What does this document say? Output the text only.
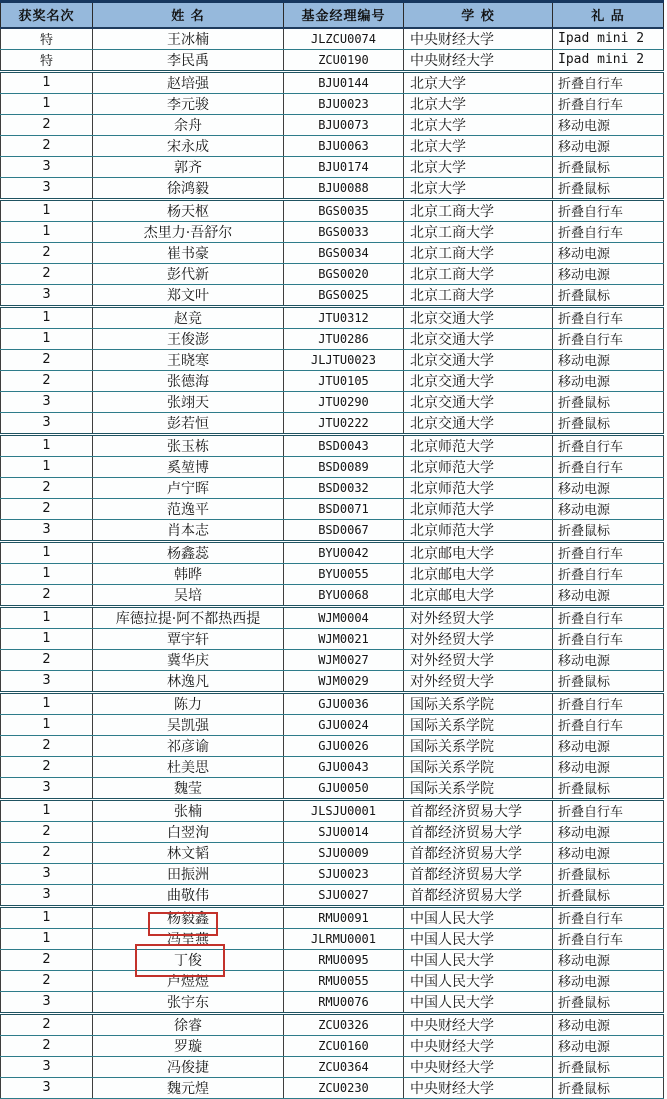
获奖名次	姓 名	基金经理编号	学 校	礼 品
特	王冰楠	JLZCU0074	中央财经大学	Ipad mini 2
特	李民禹	ZCU0190	中央财经大学	Ipad mini 2
1	赵培强	BJU0144	北京大学	折叠自行车
1	李元骏	BJU0023	北京大学	折叠自行车
2	余舟	BJU0073	北京大学	移动电源
2	宋永成	BJU0063	北京大学	移动电源
3	郭齐	BJU0174	北京大学	折叠鼠标
3	徐鸿毅	BJU0088	北京大学	折叠鼠标
1	杨天枢	BGS0035	北京工商大学	折叠自行车
1	杰里力·吾舒尔	BGS0033	北京工商大学	折叠自行车
2	崔书豪	BGS0034	北京工商大学	移动电源
2	彭代新	BGS0020	北京工商大学	移动电源
3	郑文叶	BGS0025	北京工商大学	折叠鼠标
1	赵竞	JTU0312	北京交通大学	折叠自行车
1	王俊澎	JTU0286	北京交通大学	折叠自行车
2	王晓寒	JLJTU0023	北京交通大学	移动电源
2	张德海	JTU0105	北京交通大学	移动电源
3	张翊天	JTU0290	北京交通大学	折叠鼠标
3	彭若恒	JTU0222	北京交通大学	折叠鼠标
1	张玉栋	BSD0043	北京师范大学	折叠自行车
1	奚堃博	BSD0089	北京师范大学	折叠自行车
2	卢宁晖	BSD0032	北京师范大学	移动电源
2	范逸平	BSD0071	北京师范大学	移动电源
3	肖本志	BSD0067	北京师范大学	折叠鼠标
1	杨鑫蕊	BYU0042	北京邮电大学	折叠自行车
1	韩晔	BYU0055	北京邮电大学	折叠自行车
2	吴培	BYU0068	北京邮电大学	移动电源
1	库德拉提·阿不都热西提	WJM0004	对外经贸大学	折叠自行车
1	覃宇轩	WJM0021	对外经贸大学	折叠自行车
2	冀华庆	WJM0027	对外经贸大学	移动电源
3	林逸凡	WJM0029	对外经贸大学	折叠鼠标
1	陈力	GJU0036	国际关系学院	折叠自行车
1	吴凯强	GJU0024	国际关系学院	折叠自行车
2	祁彦谕	GJU0026	国际关系学院	移动电源
2	杜美思	GJU0043	国际关系学院	移动电源
3	魏莹	GJU0050	国际关系学院	折叠鼠标
1	张楠	JLSJU0001	首都经济贸易大学	折叠自行车
2	白翌洵	SJU0014	首都经济贸易大学	移动电源
2	林文韬	SJU0009	首都经济贸易大学	移动电源
3	田振洲	SJU0023	首都经济贸易大学	折叠鼠标
3	曲敬伟	SJU0027	首都经济贸易大学	折叠鼠标
1	杨毅鑫	RMU0091	中国人民大学	折叠自行车
1	冯呈燕	JLRMU0001	中国人民大学	折叠自行车
2	丁俊	RMU0095	中国人民大学	移动电源
2	卢煜煜	RMU0055	中国人民大学	移动电源
3	张宇东	RMU0076	中国人民大学	折叠鼠标
2	徐睿	ZCU0326	中央财经大学	移动电源
2	罗璇	ZCU0160	中央财经大学	移动电源
3	冯俊捷	ZCU0364	中央财经大学	折叠鼠标
3	魏元煌	ZCU0230	中央财经大学	折叠鼠标
